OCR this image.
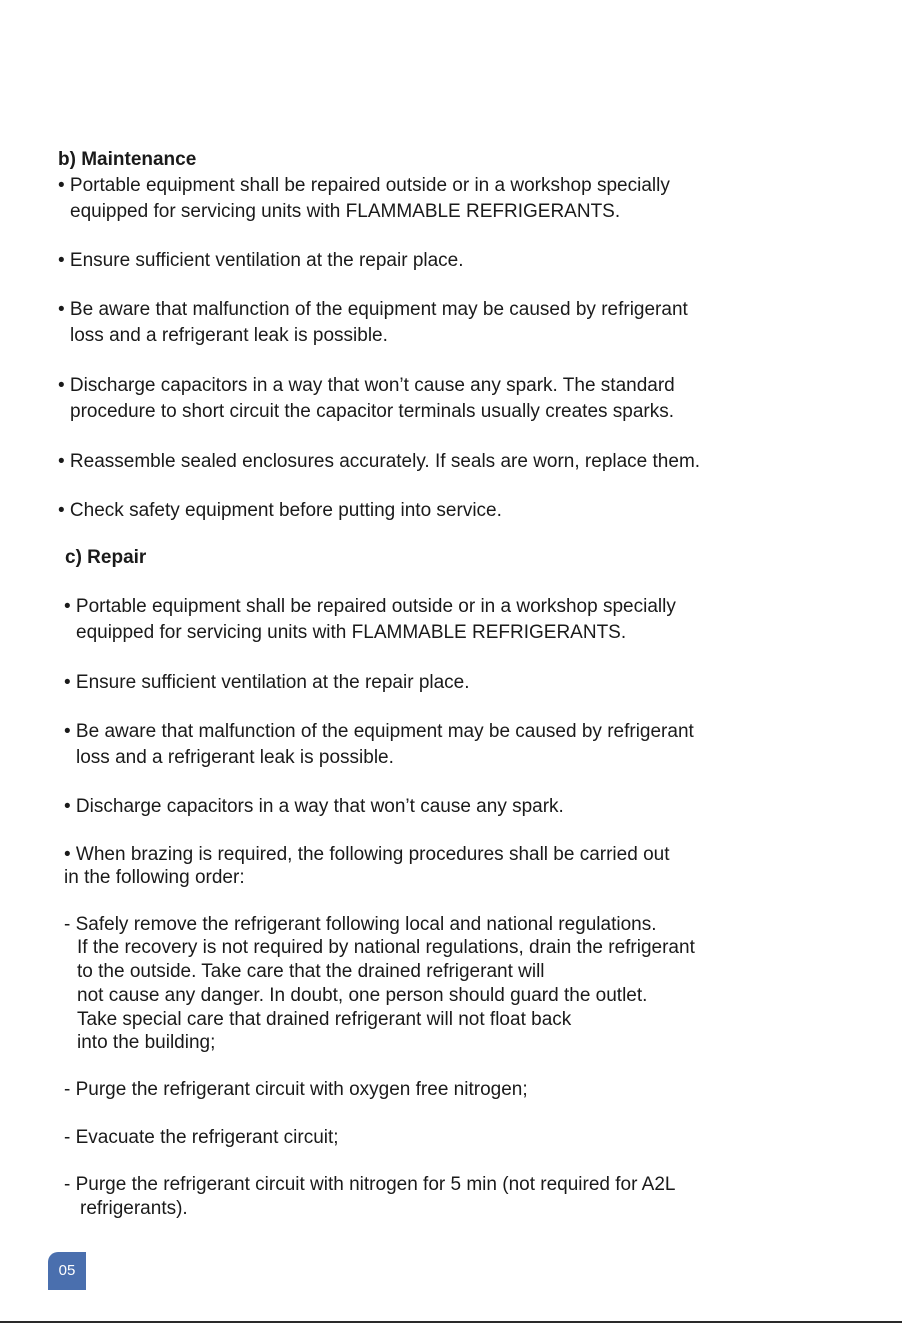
b) Maintenance
• Portable equipment shall be repaired outside or in a workshop specially
equipped for servicing units with FLAMMABLE REFRIGERANTS.
• Ensure sufficient ventilation at the repair place.
• Be aware that malfunction of the equipment may be caused by refrigerant
loss and a refrigerant leak is possible.
• Discharge capacitors in a way that won’t cause any spark. The standard
procedure to short circuit the capacitor terminals usually creates sparks.
• Reassemble sealed enclosures accurately. If seals are worn, replace them.
• Check safety equipment before putting into service.
c) Repair
• Portable equipment shall be repaired outside or in a workshop specially
equipped for servicing units with FLAMMABLE REFRIGERANTS.
• Ensure sufficient ventilation at the repair place.
• Be aware that malfunction of the equipment may be caused by refrigerant
loss and a refrigerant leak is possible.
• Discharge capacitors in a way that won’t cause any spark.
• When brazing is required, the following procedures shall be carried out
in the following order:
- Safely remove the refrigerant following local and national regulations.
If the recovery is not required by national regulations, drain the refrigerant
to the outside. Take care that the drained refrigerant will
not cause any danger. In doubt, one person should guard the outlet.
Take special care that drained refrigerant will not float back
into the building;
- Purge the refrigerant circuit with oxygen free nitrogen;
- Evacuate the refrigerant circuit;
- Purge the refrigerant circuit with nitrogen for 5 min (not required for A2L
refrigerants).
05
